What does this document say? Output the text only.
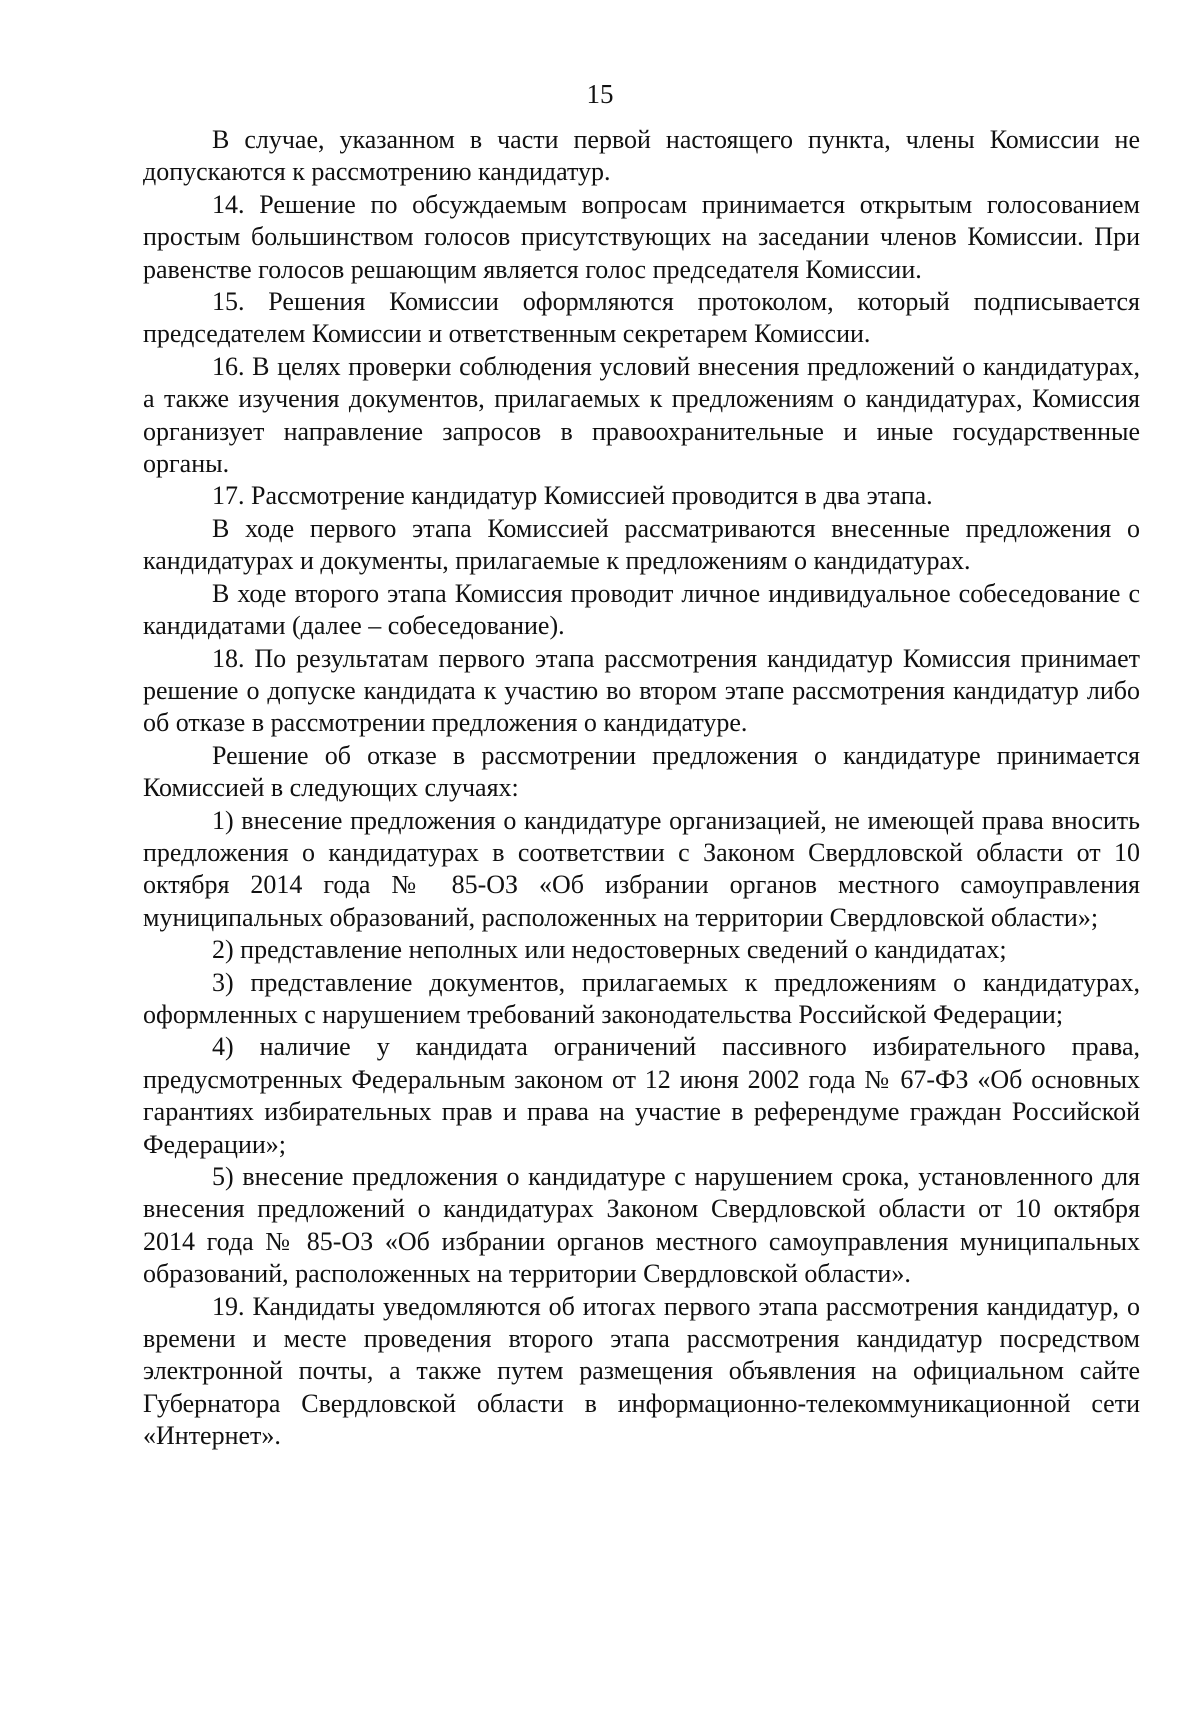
15

В случае, указанном в части первой настоящего пункта, члены Комиссии не допускаются к рассмотрению кандидатур.

14. Решение по обсуждаемым вопросам принимается открытым голосованием простым большинством голосов присутствующих на заседании членов Комиссии. При равенстве голосов решающим является голос председателя Комиссии.

15. Решения Комиссии оформляются протоколом, который подписывается председателем Комиссии и ответственным секретарем Комиссии.

16. В целях проверки соблюдения условий внесения предложений о кандидатурах, а также изучения документов, прилагаемых к предложениям о кандидатурах, Комиссия организует направление запросов в правоохранительные и иные государственные органы.

17. Рассмотрение кандидатур Комиссией проводится в два этапа.

В ходе первого этапа Комиссией рассматриваются внесенные предложения о кандидатурах и документы, прилагаемые к предложениям о кандидатурах.

В ходе второго этапа Комиссия проводит личное индивидуальное собеседование с кандидатами (далее – собеседование).

18. По результатам первого этапа рассмотрения кандидатур Комиссия принимает решение о допуске кандидата к участию во втором этапе рассмотрения кандидатур либо об отказе в рассмотрении предложения о кандидатуре.

Решение об отказе в рассмотрении предложения о кандидатуре принимается Комиссией в следующих случаях:

1) внесение предложения о кандидатуре организацией, не имеющей права вносить предложения о кандидатурах в соответствии с Законом Свердловской области от 10 октября 2014 года № 85-ОЗ «Об избрании органов местного самоуправления муниципальных образований, расположенных на территории Свердловской области»;

2) представление неполных или недостоверных сведений о кандидатах;

3) представление документов, прилагаемых к предложениям о кандидатурах, оформленных с нарушением требований законодательства Российской Федерации;

4) наличие у кандидата ограничений пассивного избирательного права, предусмотренных Федеральным законом от 12 июня 2002 года № 67-ФЗ «Об основных гарантиях избирательных прав и права на участие в референдуме граждан Российской Федерации»;

5) внесение предложения о кандидатуре с нарушением срока, установленного для внесения предложений о кандидатурах Законом Свердловской области от 10 октября 2014 года № 85-ОЗ «Об избрании органов местного самоуправления муниципальных образований, расположенных на территории Свердловской области».

19. Кандидаты уведомляются об итогах первого этапа рассмотрения кандидатур, о времени и месте проведения второго этапа рассмотрения кандидатур посредством электронной почты, а также путем размещения объявления на официальном сайте Губернатора Свердловской области в информационно-телекоммуникационной сети «Интернет».
